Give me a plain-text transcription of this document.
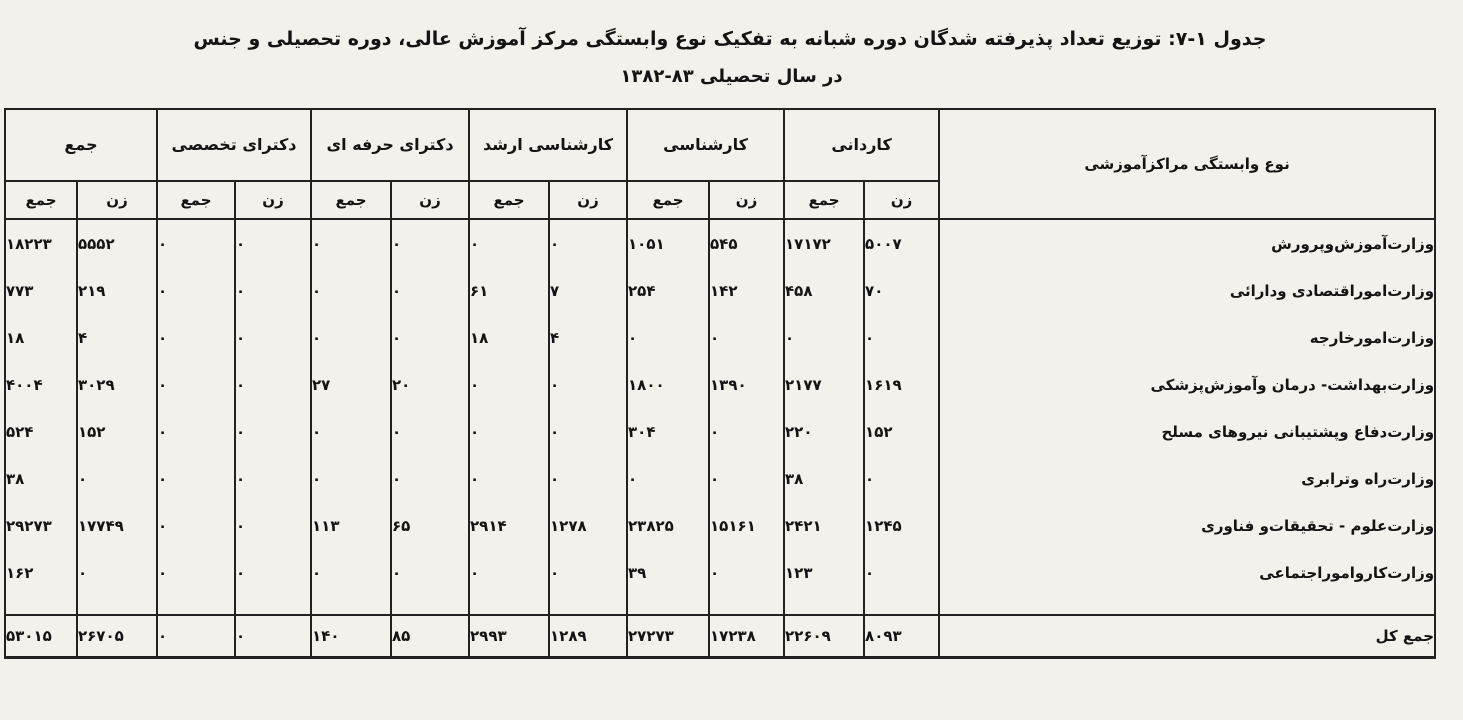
جدول ۱-۷: توزیع تعداد پذیرفته شدگان دوره شبانه به تفکیک نوع وابستگی مرکز آموزش عالی، دوره تحصیلی و جنس
در سال تحصیلی ۸۳-۱۳۸۲
نوع وابستگی مراکزآموزشی	کاردانی		کارشناسی		کارشناسی ارشد		دکترای حرفه ای		دکترای تخصصی		جمع	
	زن	جمع	زن	جمع	زن	جمع	زن	جمع	زن	جمع	زن	جمع
وزارت‌آموزش‌وپرورش	۵۰۰۷	۱۷۱۷۲	۵۴۵	۱۰۵۱	۰	۰	۰	۰	۰	۰	۵۵۵۲	۱۸۲۲۳
وزارت‌اموراقتصادی ودارائی	۷۰	۴۵۸	۱۴۲	۲۵۴	۷	۶۱	۰	۰	۰	۰	۲۱۹	۷۷۳
وزارت‌امورخارجه	۰	۰	۰	۰	۴	۱۸	۰	۰	۰	۰	۴	۱۸
وزارت‌بهداشت- درمان وآموزش‌پزشکی	۱۶۱۹	۲۱۷۷	۱۳۹۰	۱۸۰۰	۰	۰	۲۰	۲۷	۰	۰	۳۰۲۹	۴۰۰۴
وزارت‌دفاع وپشتیبانی نیروهای مسلح	۱۵۲	۲۲۰	۰	۳۰۴	۰	۰	۰	۰	۰	۰	۱۵۲	۵۲۴
وزارت‌راه وترابری	۰	۳۸	۰	۰	۰	۰	۰	۰	۰	۰	۰	۳۸
وزارت‌علوم - تحقیقات‌و فناوری	۱۲۴۵	۲۴۲۱	۱۵۱۶۱	۲۳۸۲۵	۱۲۷۸	۲۹۱۴	۶۵	۱۱۳	۰	۰	۱۷۷۴۹	۲۹۲۷۳
وزارت‌کارواموراجتماعی	۰	۱۲۳	۰	۳۹	۰	۰	۰	۰	۰	۰	۰	۱۶۲

جمع کل	۸۰۹۳	۲۲۶۰۹	۱۷۲۳۸	۲۷۲۷۳	۱۲۸۹	۲۹۹۳	۸۵	۱۴۰	۰	۰	۲۶۷۰۵	۵۳۰۱۵
